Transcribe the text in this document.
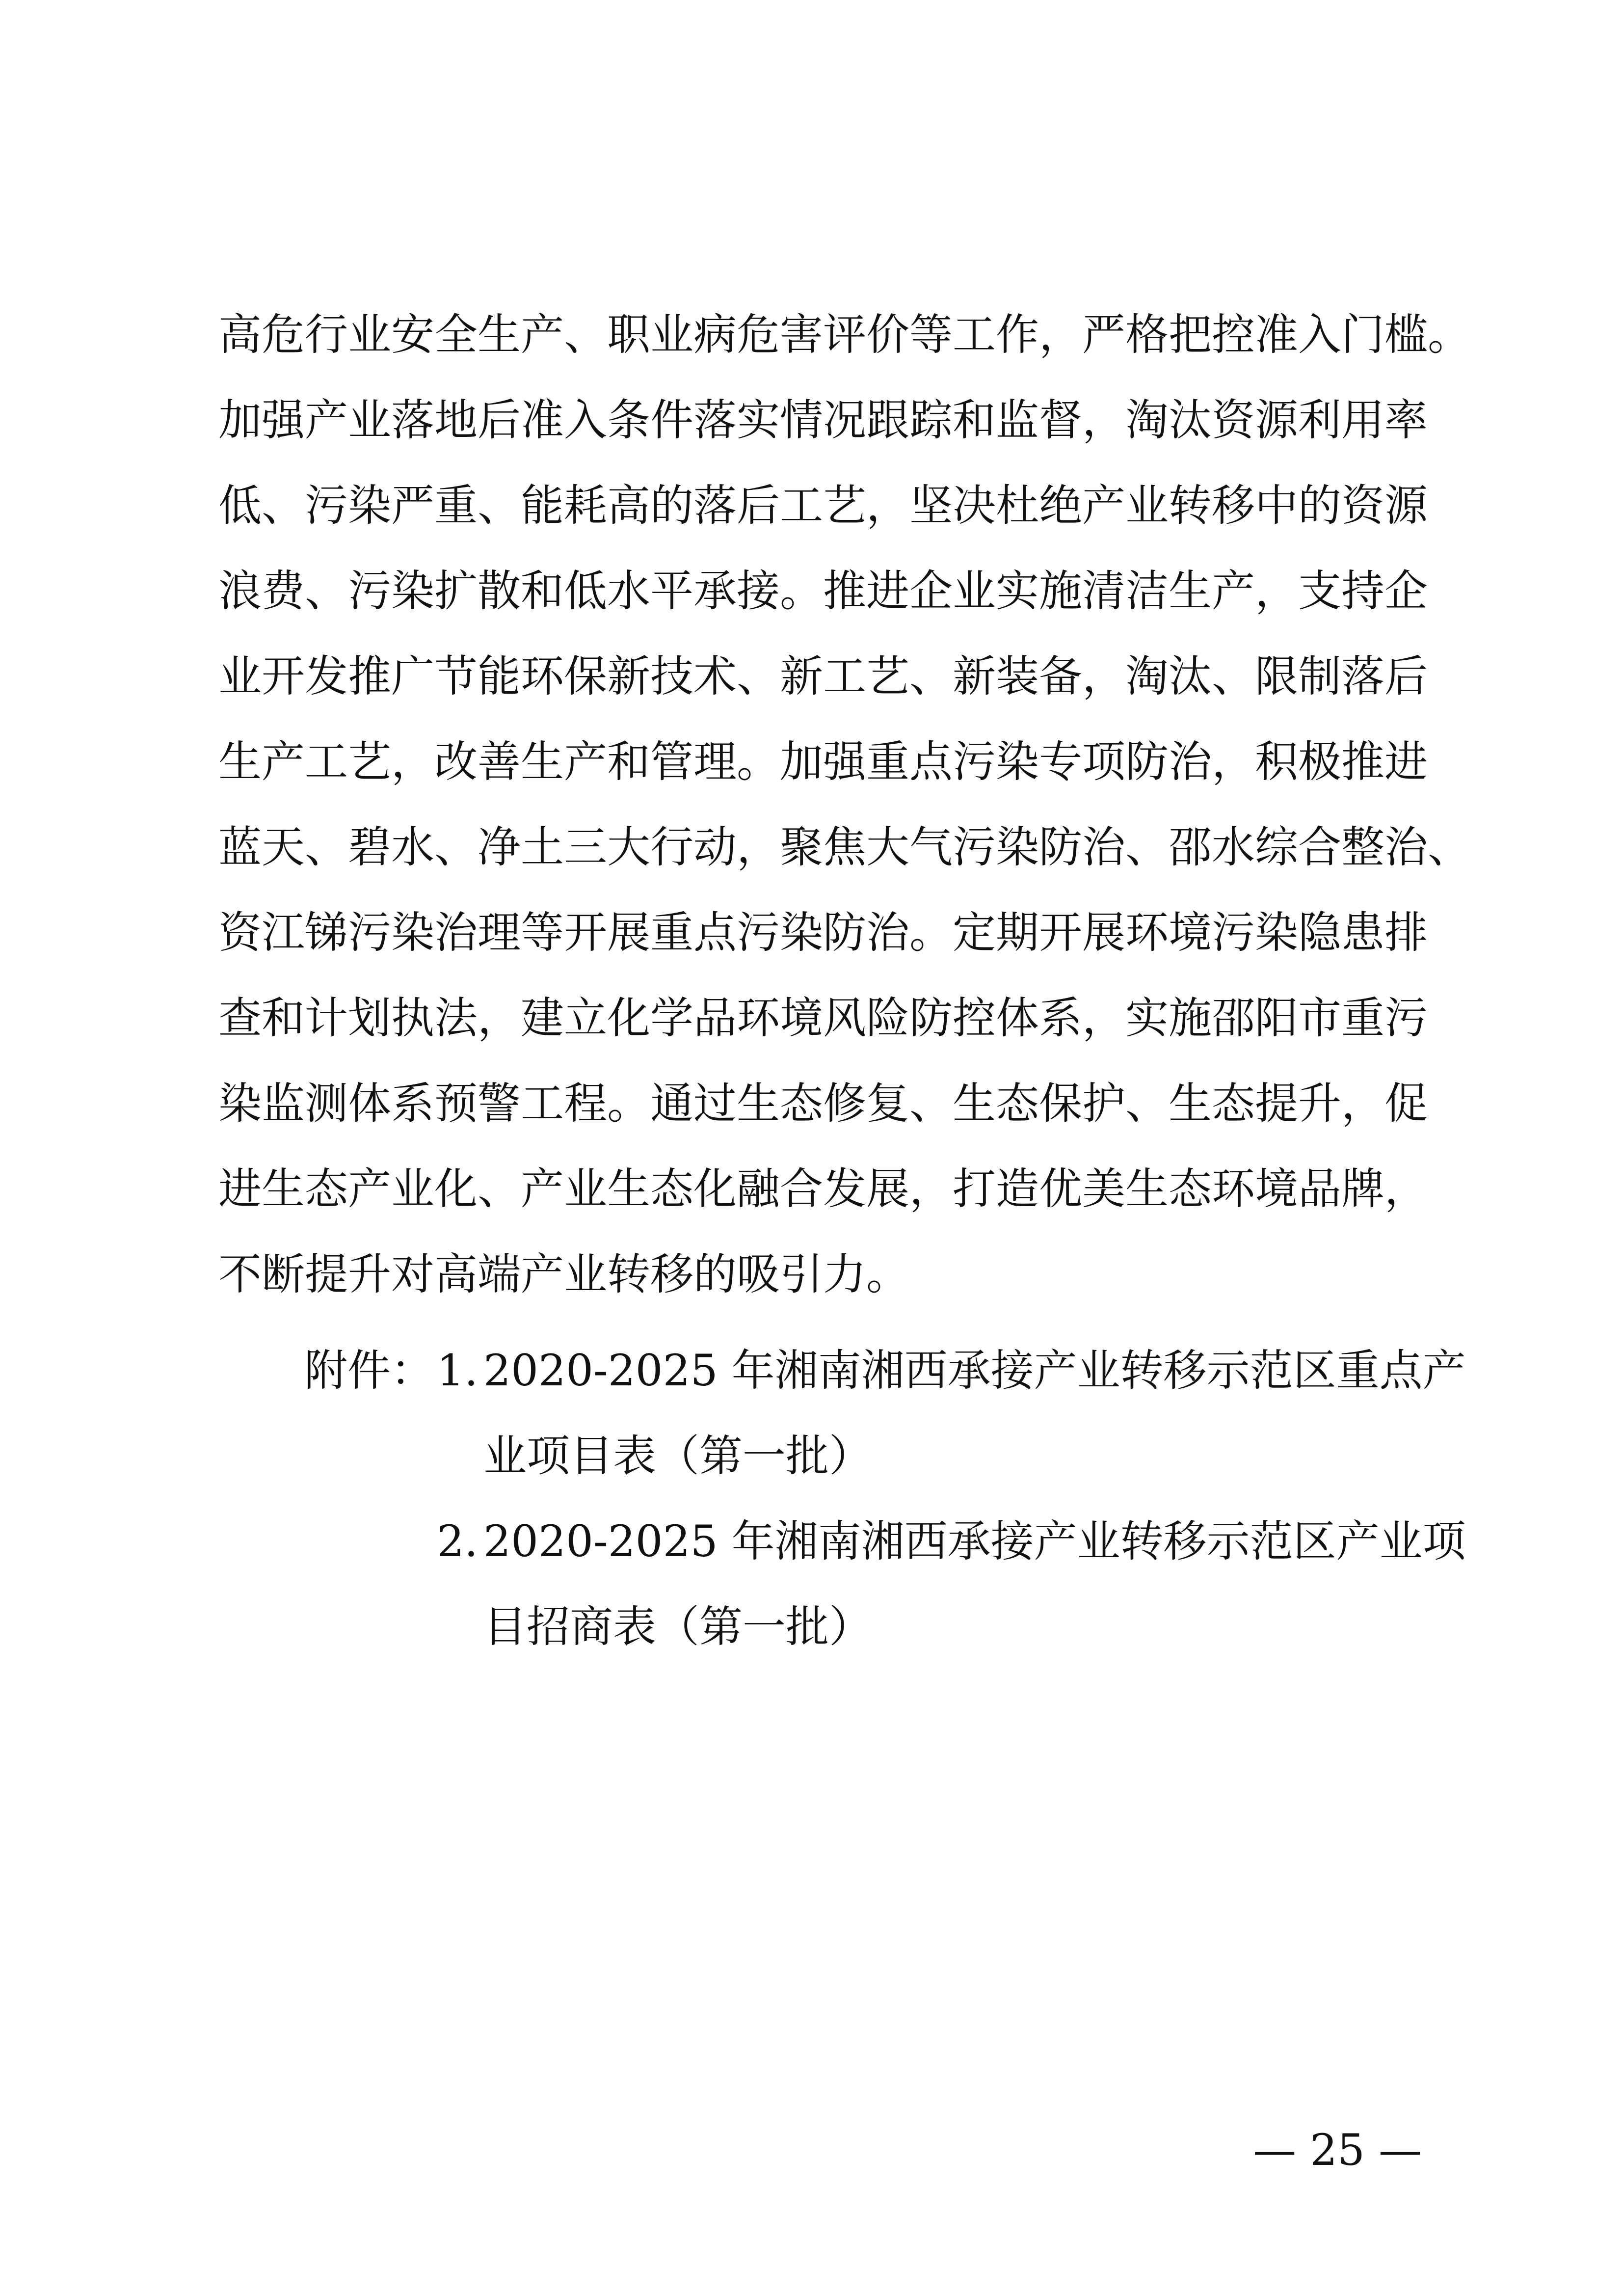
高危行业安全生产、职业病危害评价等工作，严格把控准入门槛。
加强产业落地后准入条件落实情况跟踪和监督，淘汰资源利用率
低、污染严重、能耗高的落后工艺，坚决杜绝产业转移中的资源
浪费、污染扩散和低水平承接。推进企业实施清洁生产，支持企
业开发推广节能环保新技术、新工艺、新装备，淘汰、限制落后
生产工艺，改善生产和管理。加强重点污染专项防治，积极推进
蓝天、碧水、净土三大行动，聚焦大气污染防治、邵水综合整治、
资江锑污染治理等开展重点污染防治。定期开展环境污染隐患排
查和计划执法，建立化学品环境风险防控体系，实施邵阳市重污
染监测体系预警工程。通过生态修复、生态保护、生态提升，促
进生态产业化、产业生态化融合发展，打造优美生态环境品牌，
不断提升对高端产业转移的吸引力。
附件： 1. 2020-2025 年湘南湘西承接产业转移示范区重点产
业项目表（第一批）
2. 2020-2025 年湘南湘西承接产业转移示范区产业项
目招商表（第一批）
— 25 —
